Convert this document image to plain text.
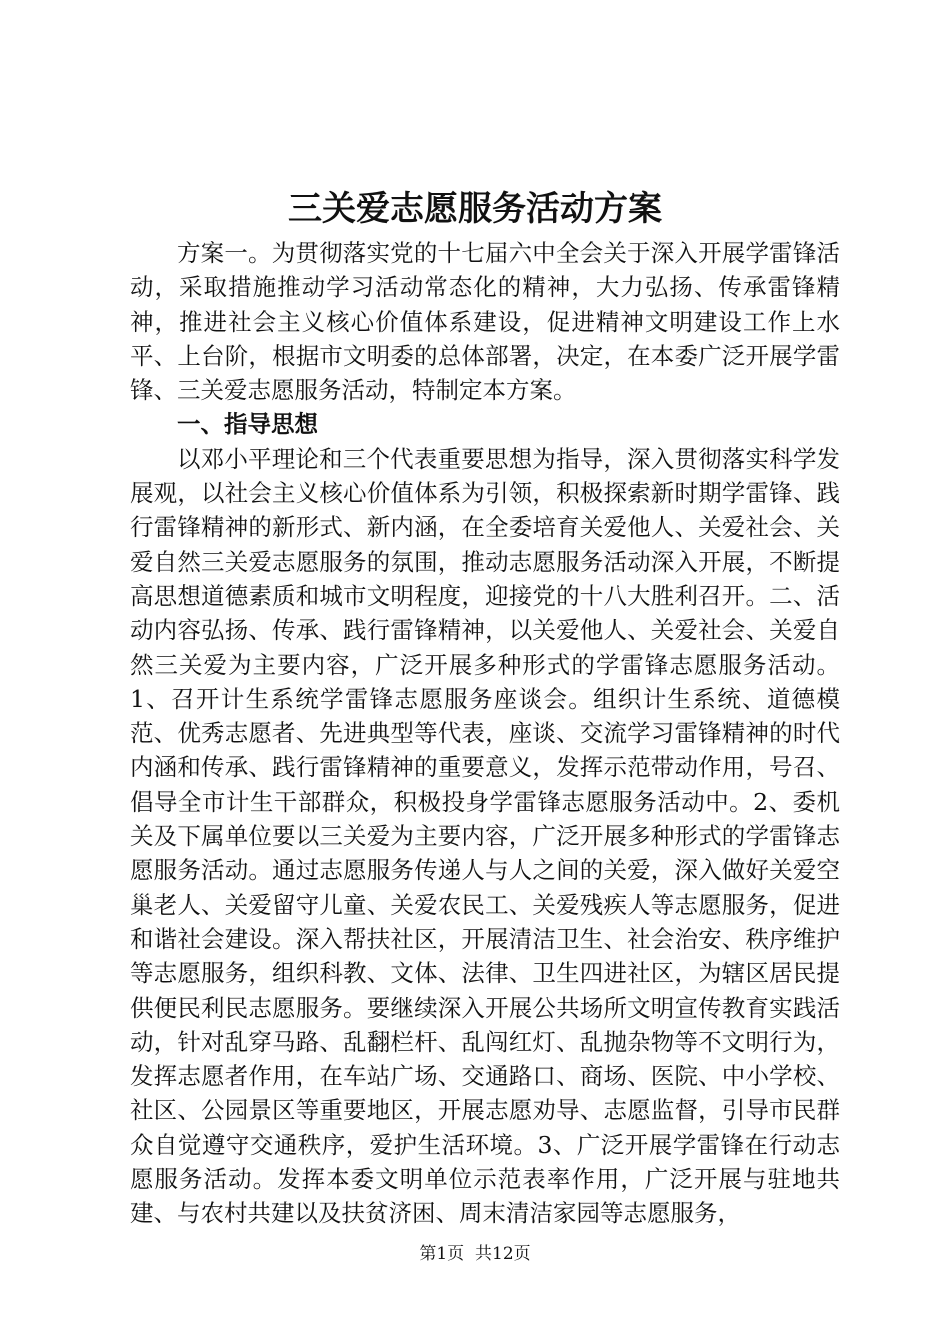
三关爱志愿服务活动方案

方案一。为贯彻落实党的十七届六中全会关于深入开展学雷锋活动，采取措施推动学习活动常态化的精神，大力弘扬、传承雷锋精神，推进社会主义核心价值体系建设，促进精神文明建设工作上水平、上台阶，根据市文明委的总体部署，决定，在本委广泛开展学雷锋、三关爱志愿服务活动，特制定本方案。

一、指导思想

以邓小平理论和三个代表重要思想为指导，深入贯彻落实科学发展观，以社会主义核心价值体系为引领，积极探索新时期学雷锋、践行雷锋精神的新形式、新内涵，在全委培育关爱他人、关爱社会、关爱自然三关爱志愿服务的氛围，推动志愿服务活动深入开展，不断提高思想道德素质和城市文明程度，迎接党的十八大胜利召开。二、活动内容弘扬、传承、践行雷锋精神，以关爱他人、关爱社会、关爱自然三关爱为主要内容，广泛开展多种形式的学雷锋志愿服务活动。1、召开计生系统学雷锋志愿服务座谈会。组织计生系统、道德模范、优秀志愿者、先进典型等代表，座谈、交流学习雷锋精神的时代内涵和传承、践行雷锋精神的重要意义，发挥示范带动作用，号召、倡导全市计生干部群众，积极投身学雷锋志愿服务活动中。2、委机关及下属单位要以三关爱为主要内容，广泛开展多种形式的学雷锋志愿服务活动。通过志愿服务传递人与人之间的关爱，深入做好关爱空巢老人、关爱留守儿童、关爱农民工、关爱残疾人等志愿服务，促进和谐社会建设。深入帮扶社区，开展清洁卫生、社会治安、秩序维护等志愿服务，组织科教、文体、法律、卫生四进社区，为辖区居民提供便民利民志愿服务。要继续深入开展公共场所文明宣传教育实践活动，针对乱穿马路、乱翻栏杆、乱闯红灯、乱抛杂物等不文明行为，发挥志愿者作用，在车站广场、交通路口、商场、医院、中小学校、社区、公园景区等重要地区，开展志愿劝导、志愿监督，引导市民群众自觉遵守交通秩序，爱护生活环境。3、广泛开展学雷锋在行动志愿服务活动。发挥本委文明单位示范表率作用，广泛开展与驻地共建、与农村共建以及扶贫济困、周末清洁家园等志愿服务，

第1页 共12页
